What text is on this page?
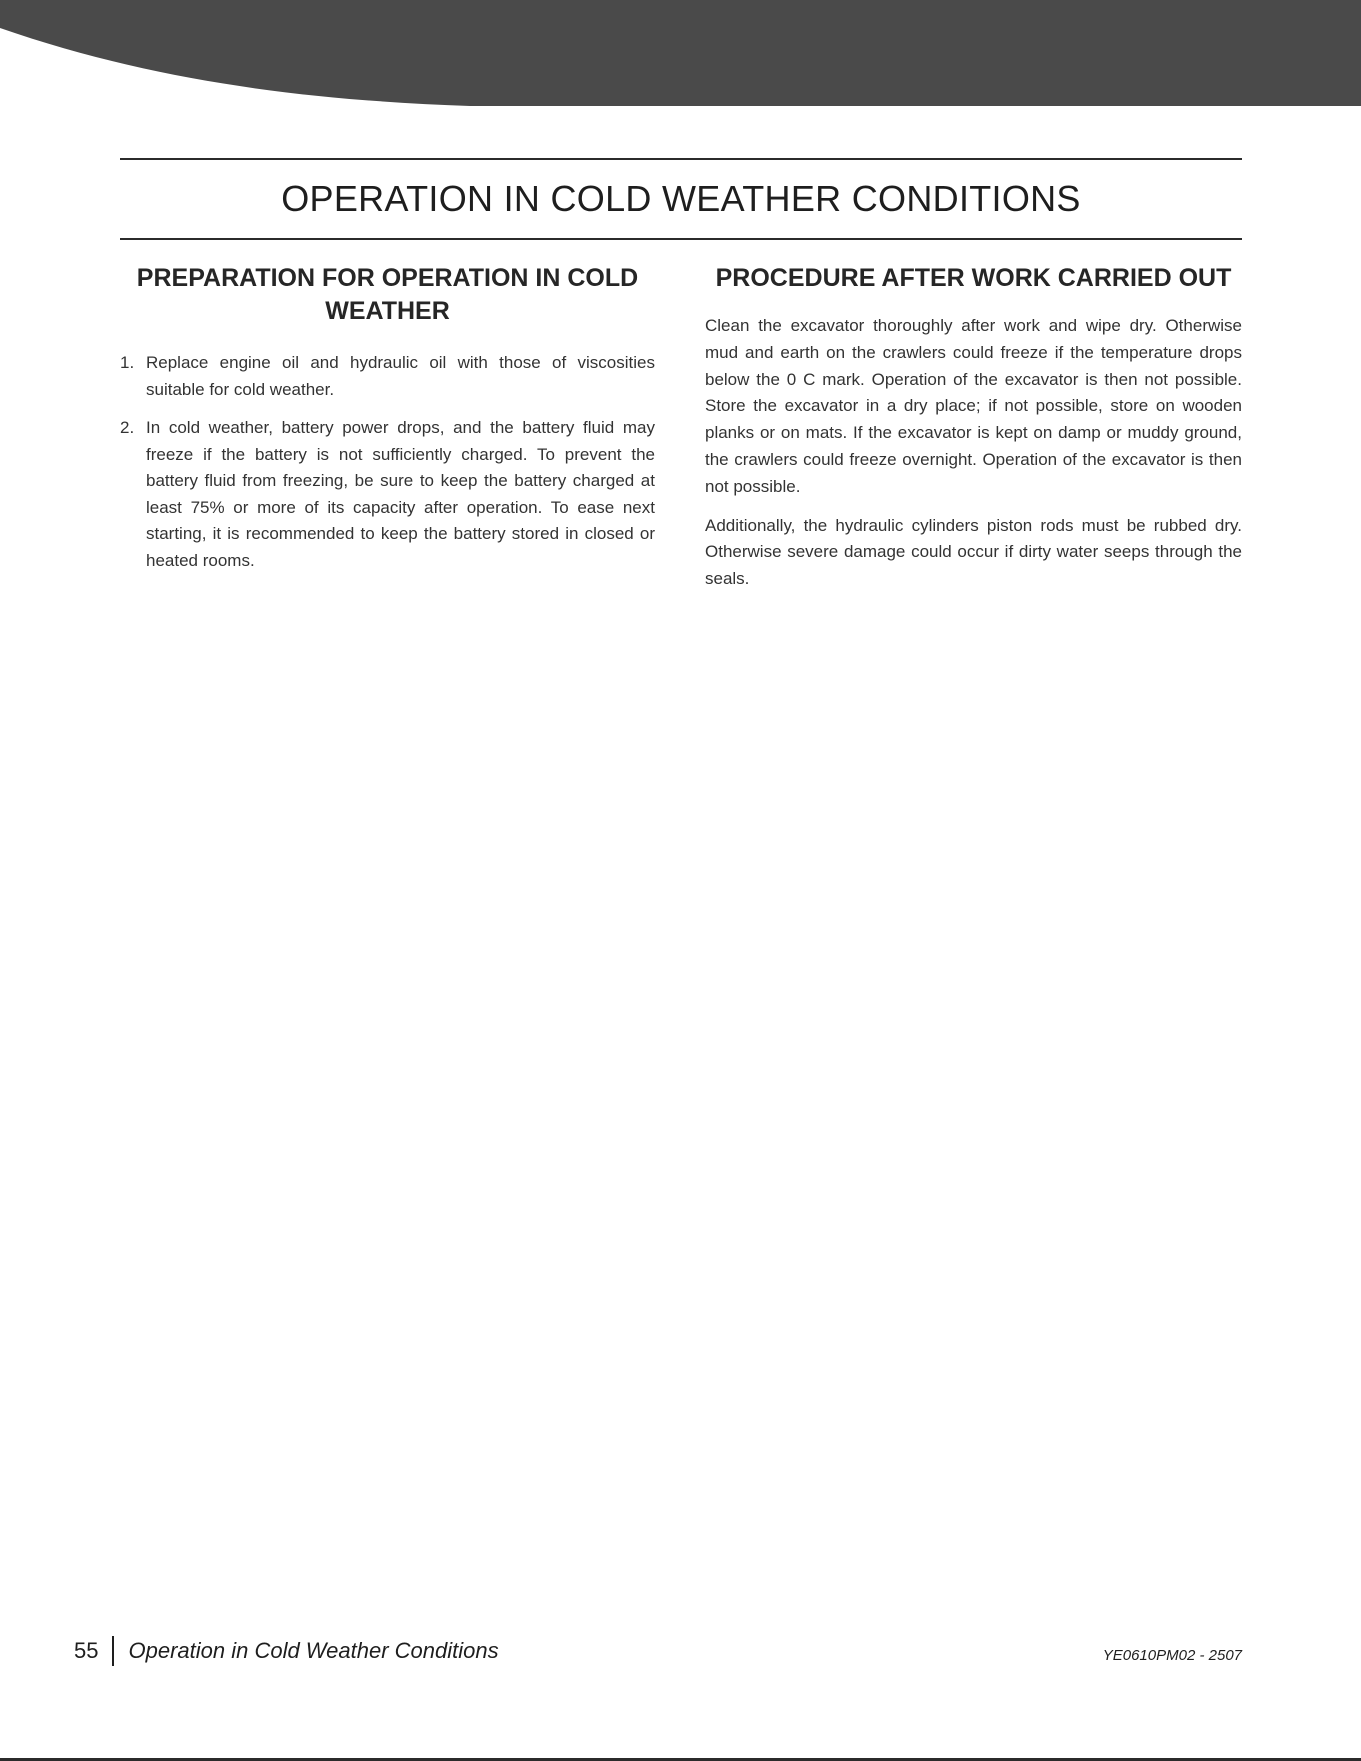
OPERATION IN COLD WEATHER CONDITIONS
PREPARATION FOR OPERATION IN COLD WEATHER
1. Replace engine oil and hydraulic oil with those of viscosities suitable for cold weather.
2. In cold weather, battery power drops, and the battery fluid may freeze if the battery is not sufficiently charged. To prevent the battery fluid from freezing, be sure to keep the battery charged at least 75% or more of its capacity after operation. To ease next starting, it is recommended to keep the battery stored in closed or heated rooms.
PROCEDURE AFTER WORK CARRIED OUT

Clean the excavator thoroughly after work and wipe dry. Otherwise mud and earth on the crawlers could freeze if the temperature drops below the 0 C mark. Operation of the excavator is then not possible. Store the excavator in a dry place; if not possible, store on wooden planks or on mats. If the excavator is kept on damp or muddy ground, the crawlers could freeze overnight. Operation of the excavator is then not possible.

Additionally, the hydraulic cylinders piston rods must be rubbed dry. Otherwise severe damage could occur if dirty water seeps through the seals.

55 Operation in Cold Weather Conditions	YE0610PM02 - 2507
